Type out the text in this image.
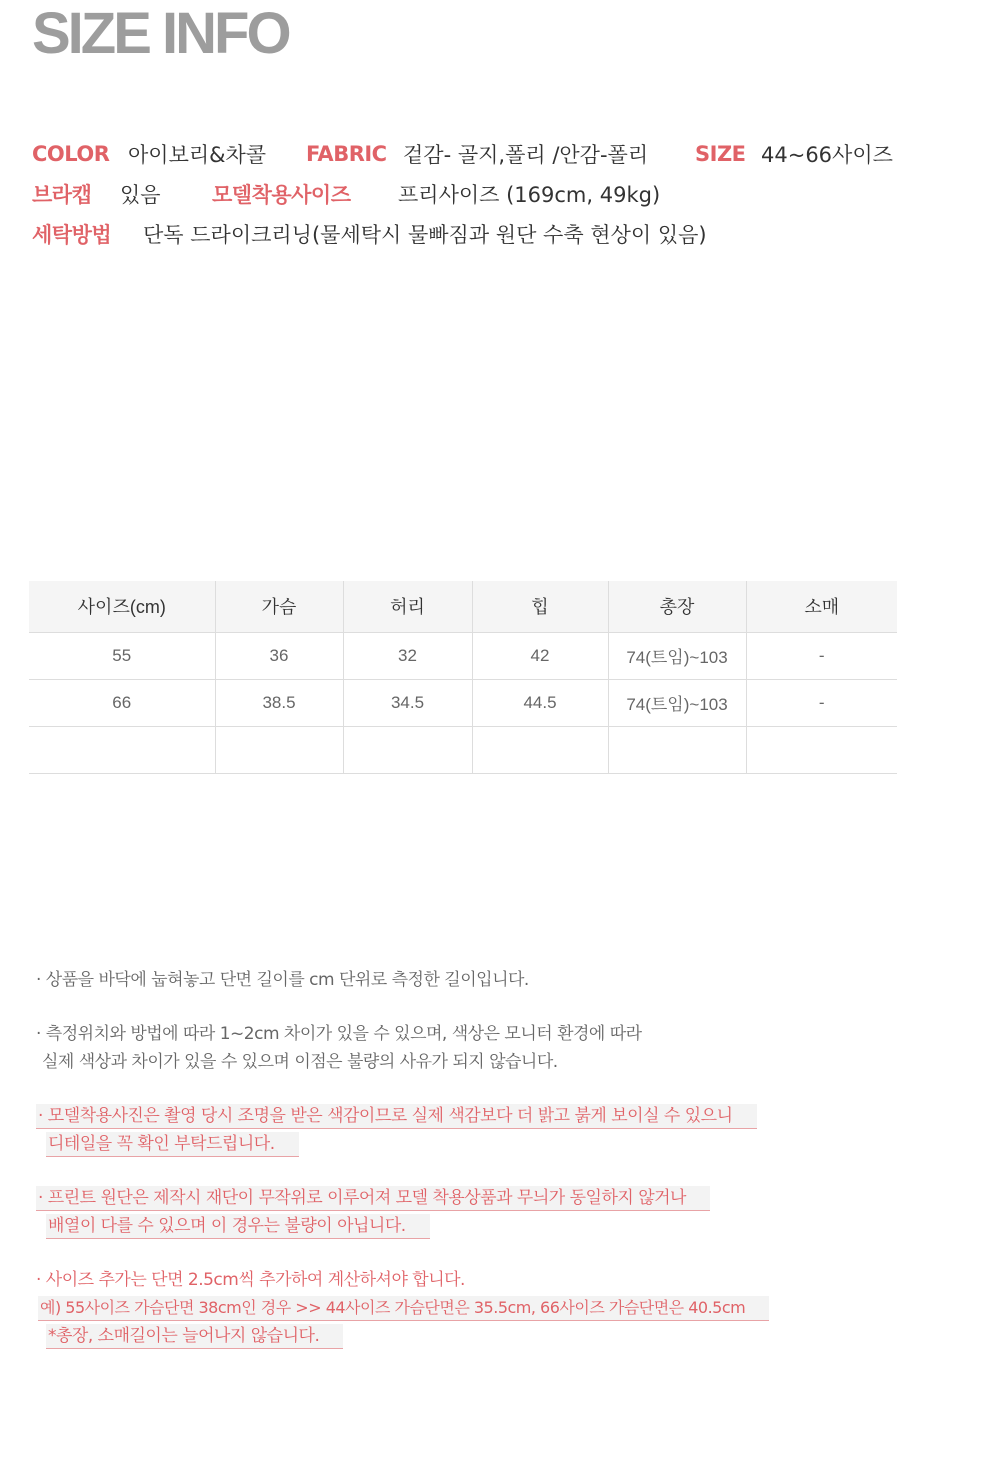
SIZE INFO
COLOR 아이보리&차콜	FABRIC 겉감- 골지,폴리 /안감-폴리	SIZE 44~66사이즈
브라캡	있음	모델착용사이즈	프리사이즈 (169cm, 49kg)
세탁방법	단독 드라이크리닝(물세탁시 물빠짐과 원단 수축 현상이 있음)
사이즈(cm)	가슴	허리	힙	총장	소매
55	36	32	42	74(트임)~103	-
66	38.5	34.5	44.5	74(트임)~103	-

· 상품을 바닥에 눕혀놓고 단면 길이를 cm 단위로 측정한 길이입니다.
· 측정위치와 방법에 따라 1~2cm 차이가 있을 수 있으며, 색상은 모니터 환경에 따라
실제 색상과 차이가 있을 수 있으며 이점은 불량의 사유가 되지 않습니다.
· 모델착용사진은 촬영 당시 조명을 받은 색감이므로 실제 색감보다 더 밝고 붉게 보이실 수 있으니
디테일을 꼭 확인 부탁드립니다.
· 프린트 원단은 제작시 재단이 무작위로 이루어져 모델 착용상품과 무늬가 동일하지 않거나
배열이 다를 수 있으며 이 경우는 불량이 아닙니다.
· 사이즈 추가는 단면 2.5cm씩 추가하여 계산하셔야 합니다.
예) 55사이즈 가슴단면 38cm인 경우 >> 44사이즈 가슴단면은 35.5cm, 66사이즈 가슴단면은 40.5cm
*총장, 소매길이는 늘어나지 않습니다.
